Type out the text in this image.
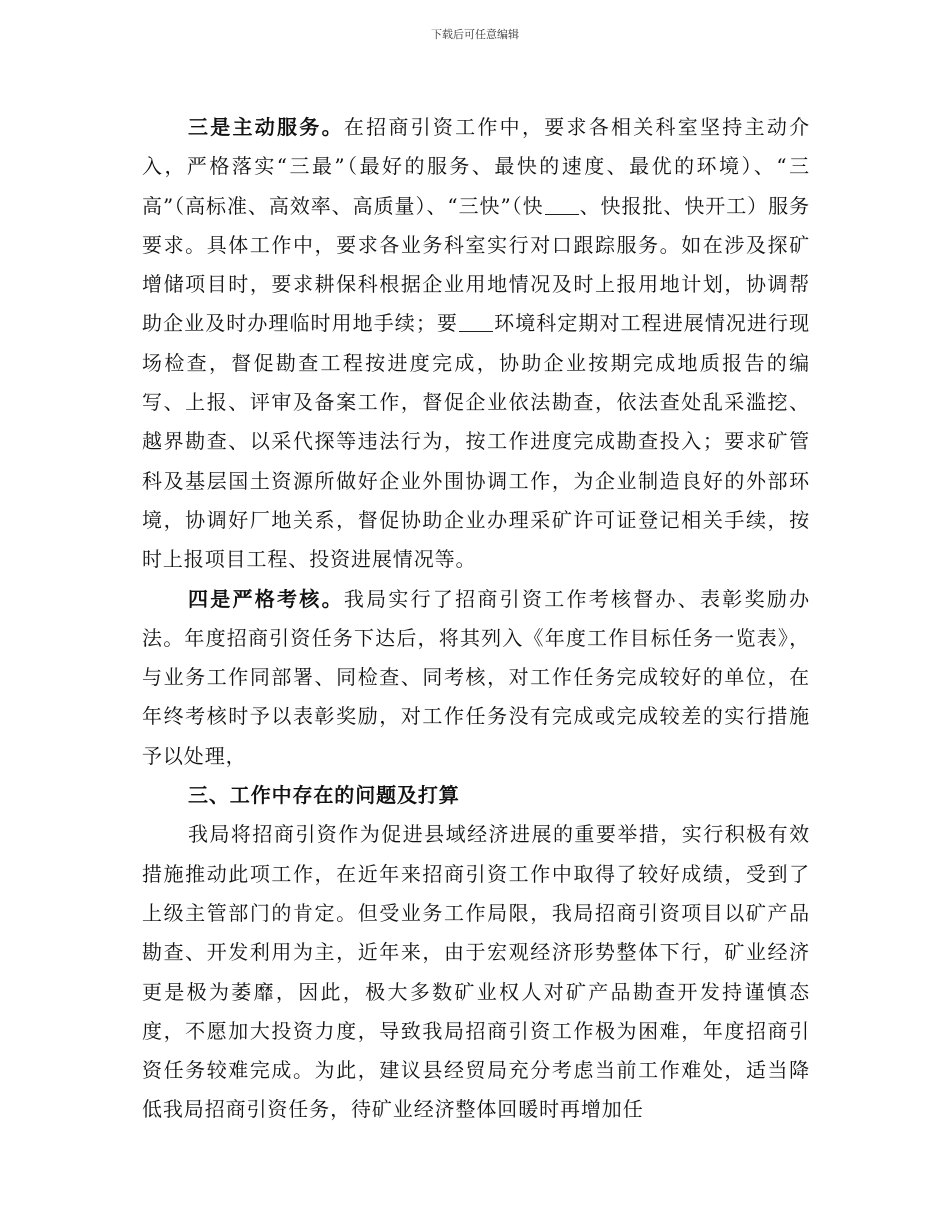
下载后可任意编辑

三是主动服务。在招商引资工作中，要求各相关科室坚持主动介入，严格落实“三最”（最好的服务、最快的速度、最优的环境）、“三高”（高标准、高效率、高质量）、“三快”（快 、快报批、快开工）服务要求。具体工作中，要求各业务科室实行对口跟踪服务。如在涉及探矿增储项目时，要求耕保科根据企业用地情况及时上报用地计划，协调帮助企业及时办理临时用地手续；要 环境科定期对工程进展情况进行现场检查，督促勘查工程按进度完成，协助企业按期完成地质报告的编写、上报、评审及备案工作，督促企业依法勘查，依法查处乱采滥挖、越界勘查、以采代探等违法行为，按工作进度完成勘查投入；要求矿管科及基层国土资源所做好企业外围协调工作，为企业制造良好的外部环境，协调好厂地关系，督促协助企业办理采矿许可证登记相关手续，按时上报项目工程、投资进展情况等。

四是严格考核。我局实行了招商引资工作考核督办、表彰奖励办法。年度招商引资任务下达后，将其列入《年度工作目标任务一览表》，与业务工作同部署、同检查、同考核，对工作任务完成较好的单位，在年终考核时予以表彰奖励，对工作任务没有完成或完成较差的实行措施予以处理，

三、工作中存在的问题及打算

我局将招商引资作为促进县域经济进展的重要举措，实行积极有效措施推动此项工作，在近年来招商引资工作中取得了较好成绩，受到了上级主管部门的肯定。但受业务工作局限，我局招商引资项目以矿产品勘查、开发利用为主，近年来，由于宏观经济形势整体下行，矿业经济更是极为萎靡，因此，极大多数矿业权人对矿产品勘查开发持谨慎态度，不愿加大投资力度，导致我局招商引资工作极为困难，年度招商引资任务较难完成。为此，建议县经贸局充分考虑当前工作难处，适当降低我局招商引资任务，待矿业经济整体回暖时再增加任
